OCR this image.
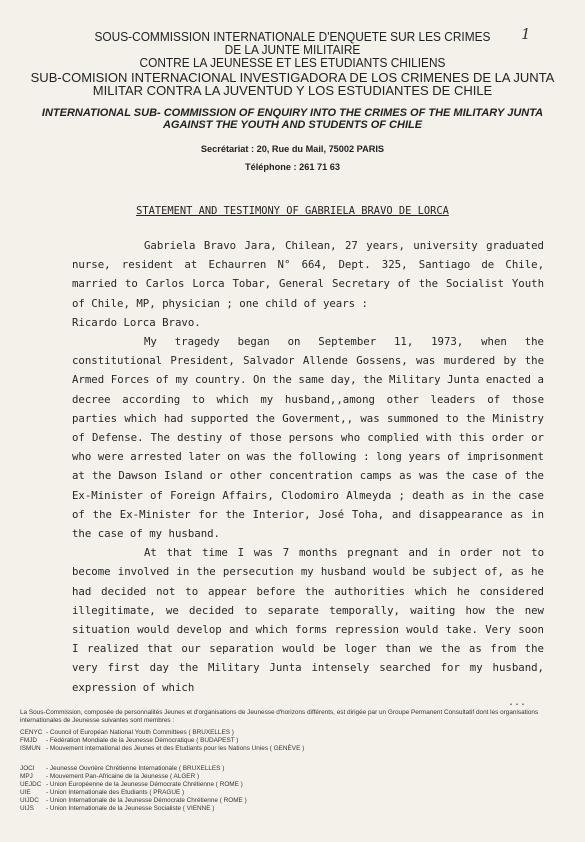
1
SOUS-COMMISSION INTERNATIONALE D'ENQUETE SUR LES CRIMES
DE LA JUNTE MILITAIRE
CONTRE LA JEUNESSE ET LES ETUDIANTS CHILIENS
SUB-COMISION INTERNACIONAL INVESTIGADORA DE LOS CRIMENES DE LA JUNTA
MILITAR CONTRA LA JUVENTUD Y LOS ESTUDIANTES DE CHILE
INTERNATIONAL SUB- COMMISSION OF ENQUIRY INTO THE CRIMES OF THE MILITARY JUNTA
AGAINST THE YOUTH AND STUDENTS OF CHILE
Secrétariat : 20, Rue du Mail, 75002 PARIS
Téléphone : 261 71 63
STATEMENT AND TESTIMONY OF GABRIELA BRAVO DE LORCA

Gabriela Bravo Jara, Chilean, 27 years, university graduated nurse, resident at Echaurren N° 664, Dept. 325, Santiago de Chile, married to Carlos Lorca Tobar, General Secretary of the Socialist Youth of Chile, MP, physician ; one child of years :

Ricardo Lorca Bravo.

My tragedy began on September 11, 1973, when the constitutional President, Salvador Allende Gossens, was murdered by the Armed Forces of my country. On the same day, the Military Junta enacted a decree according to which my husband,,among other leaders of those parties which had supported the Goverment,, was summoned to the Ministry of Defense. The destiny of those persons who complied with this order or who were arrested later on was the following : long years of imprisonment at the Dawson Island or other concentration camps as was the case of the Ex-Minister of Foreign Affairs, Clodomiro Almeyda ; death as in the case of the Ex-Minister for the Interior, José Toha, and disappearance as in the case of my husband.

At that time I was 7 months pregnant and in order not to become involved in the persecution my husband would be subject of, as he had decided not to appear before the authorities which he considered illegitimate, we decided to separate temporally, waiting how the new situation would develop and which forms repression would take. Very soon I realized that our separation would be loger than we the as from the very first day the Military Junta intensely searched for my husband, expression of which

...

La Sous-Commission, composée de personnalités Jeunes et d'organisations de Jeunesse d'horizons différents, est dirigée par un Groupe Permanent Consultatif dont les organisations internationales de Jeunesse suivantes sont membres :

CENYC - Council of Européan National Youth Committees ( BRUXELLES )
FMJD	- Fédération Mondiale de la Jeunesse Démocratique ( BUDAPEST )
ISMUN - Mouvement international des Jeunes et des Etudiants pour les Nations Unies ( GENÈVE )
JOCI	- Jeunesse Ouvrière Chrétienne Internationale ( BRUXELLES )
MPJ	- Mouvement Pan-Africaine de la Jeunesse ( ALGER )
UEJDC - Union Européenne de la Jeunesse Démocrate Chrétienne ( ROME )
UIE	- Union Internationale des Etudiants ( PRAGUE )
UIJDC	- Union Internationale de la Jeunesse Démocrate Chrétienne ( ROME )
UIJS	- Union Internationale de la Jeunesse Socialiste ( VIENNE )
